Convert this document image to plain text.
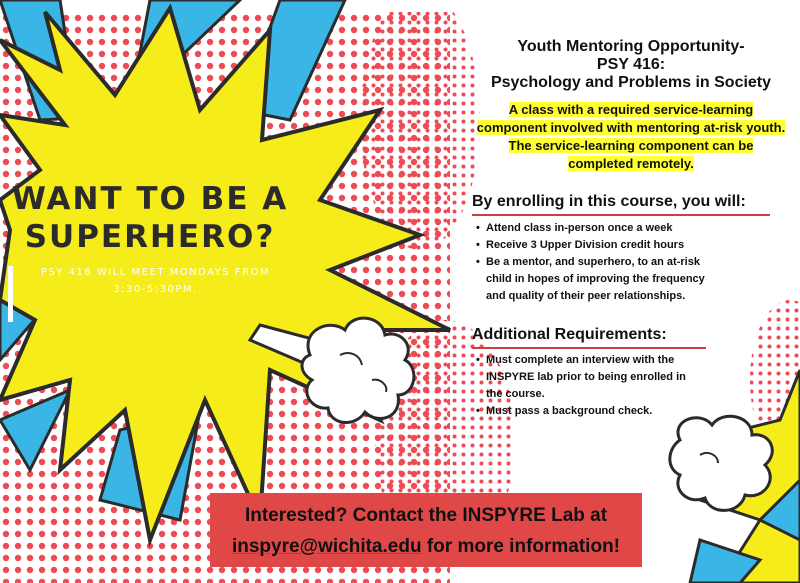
WANT TO BE A
SUPERHERO?
PSY 416 WILL MEET MONDAYS FROM
3:30-5:30PM.
Youth Mentoring Opportunity-
PSY 416:
Psychology and Problems in Society
A class with a required service-learning
component involved with mentoring at-risk youth.
The service-learning component can be
completed remotely.
By enrolling in this course, you will:
• Attend class in-person once a week
• Receive 3 Upper Division credit hours
• Be a mentor, and superhero, to an at-risk
child in hopes of improving the frequency
and quality of their peer relationships.
Additional Requirements:
• Must complete an interview with the
INSPYRE lab prior to being enrolled in
the course.
• Must pass a background check.
Interested? Contact the INSPYRE Lab at
inspyre@wichita.edu for more information!
